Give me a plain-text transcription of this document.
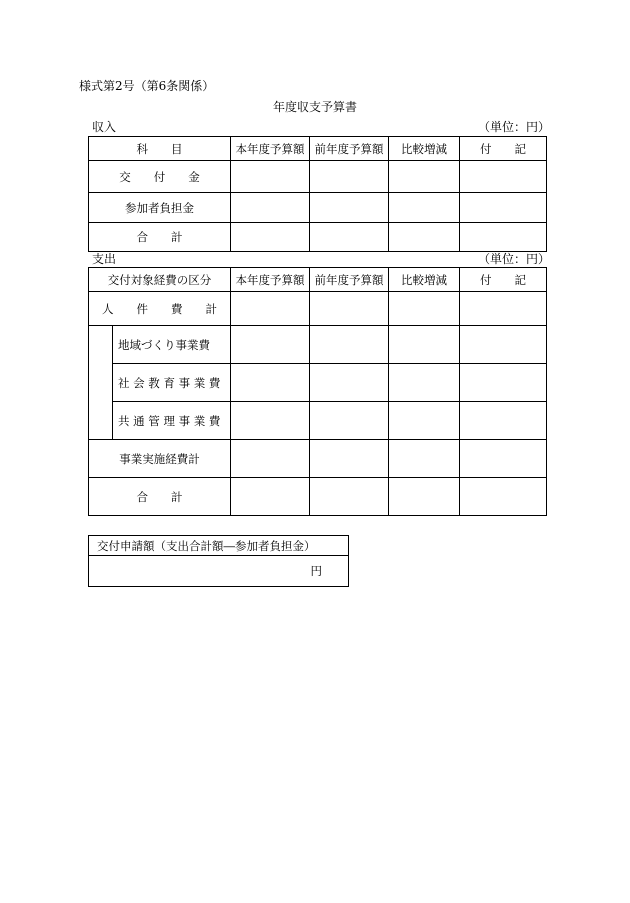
様式第2号（第6条関係）
年度収支予算書
収入	（単位：円）
科　　目	本年度予算額	前年度予算額	比較増減	付　　記
交　　付　　金				
参加者負担金				
合　　計				
支出	（単位：円）
交付対象経費の区分		本年度予算額	前年度予算額	比較増減	付　　記
人　　件　　費　　計					
	地域づくり事業費				
	社 会 教 育 事 業 費				
	共 通 管 理 事 業 費				
事業実施経費計					
合　　計					
交付申請額（支出合計額―参加者負担金）
円
